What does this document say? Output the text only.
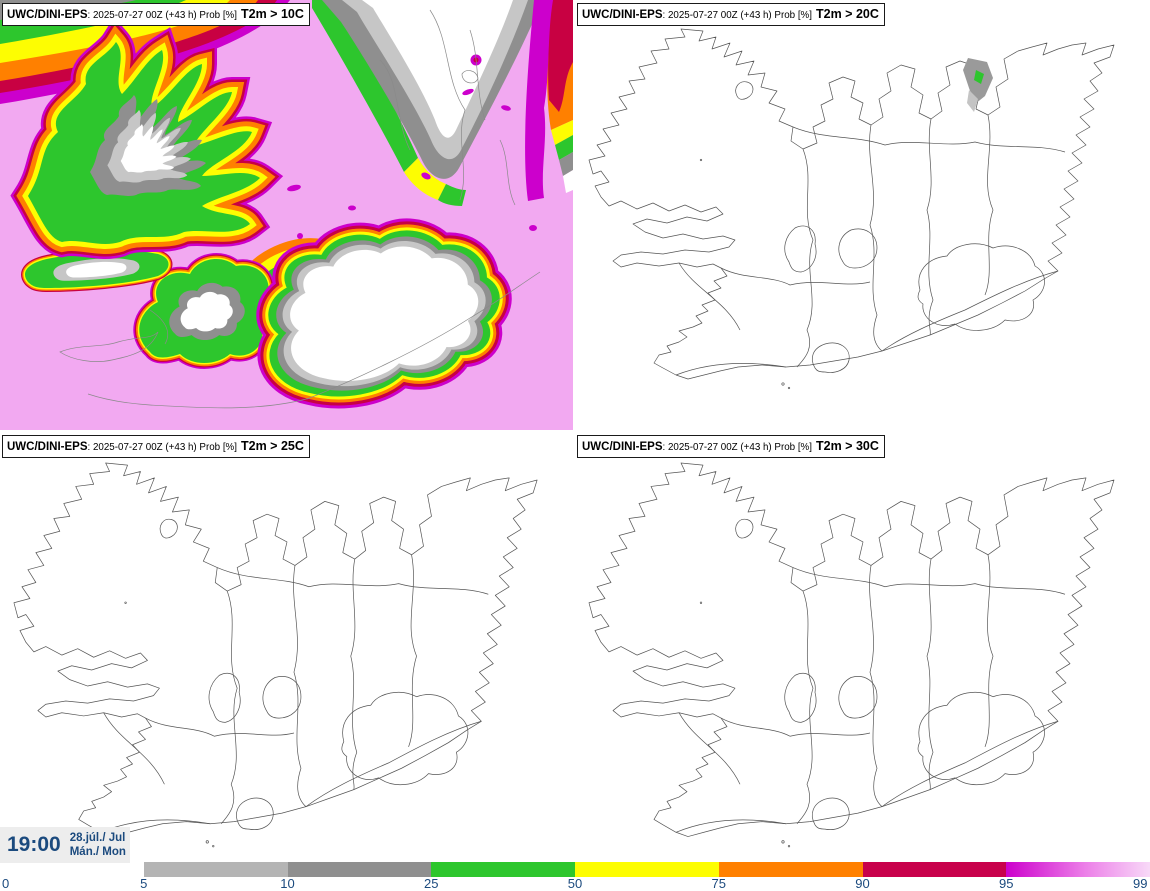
UWC/DINI-EPS: 2025-07-27 00Z (+43 h) Prob [%] T2m > 10C	UWC/DINI-EPS: 2025-07-27 00Z (+43 h) Prob [%] T2m > 20C
UWC/DINI-EPS: 2025-07-27 00Z (+43 h) Prob [%] T2m > 25C	UWC/DINI-EPS: 2025-07-27 00Z (+43 h) Prob [%] T2m > 30C
19:00 28.júl./ Jul
Mán./ Mon
0	5	10	25	50	75	90	95	99
